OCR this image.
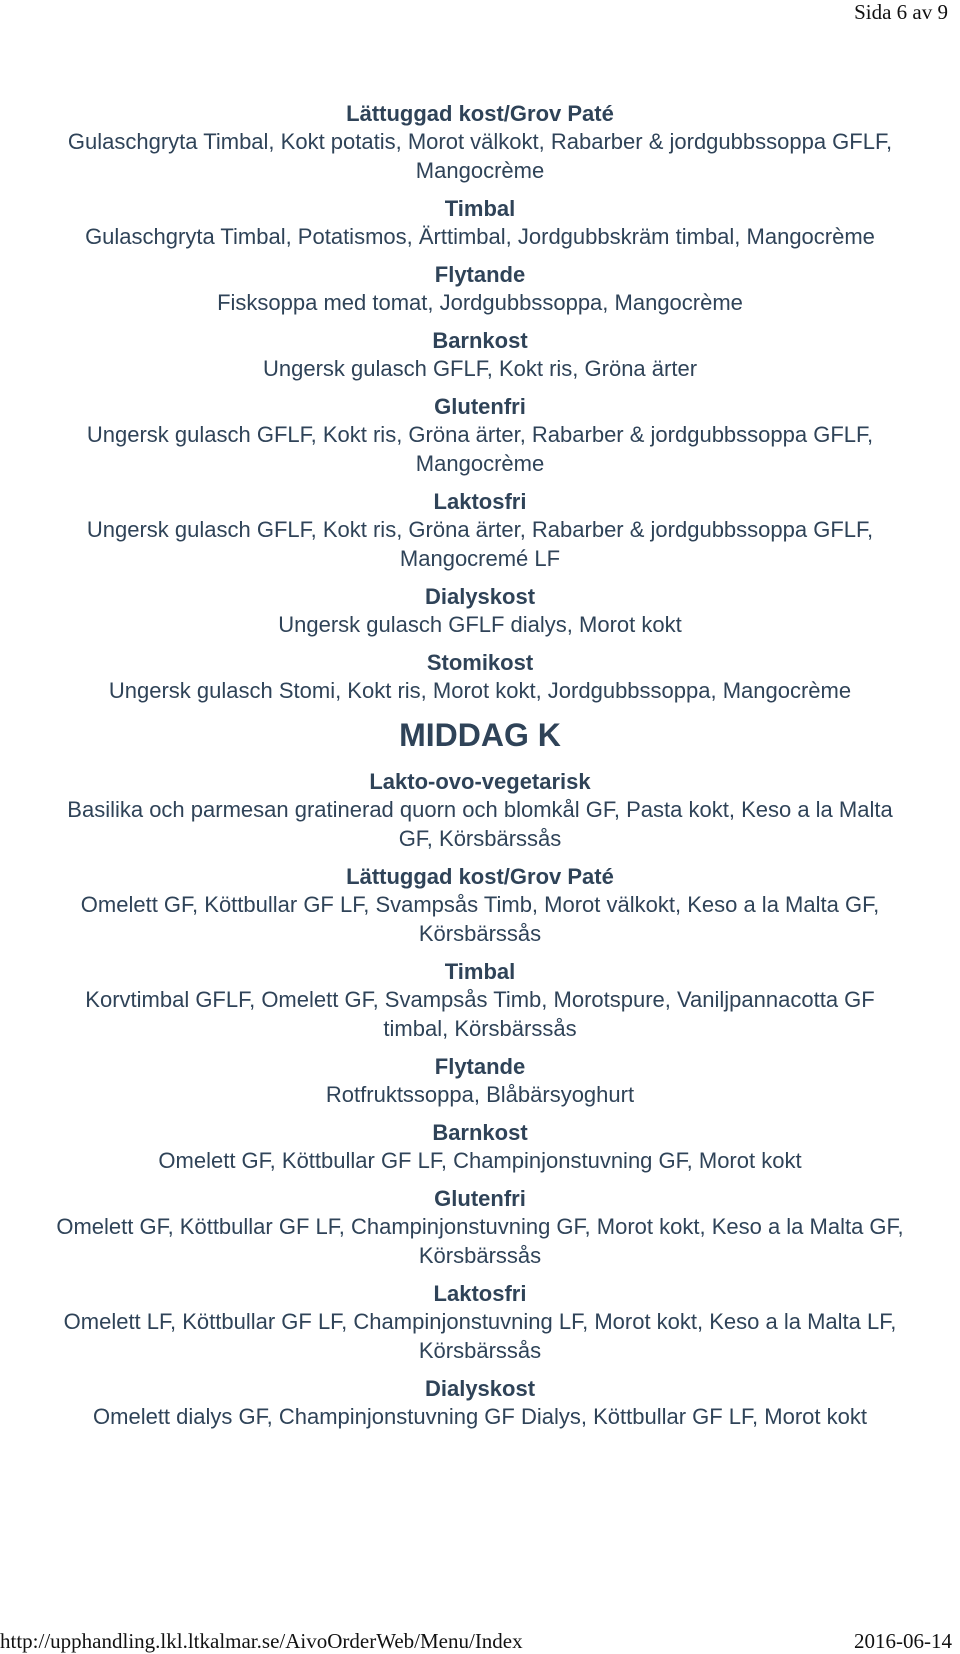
Sida 6 av 9
Lättuggad kost/Grov Paté
Gulaschgryta Timbal, Kokt potatis, Morot välkokt, Rabarber & jordgubbssoppa GFLF, Mangocrème
Timbal
Gulaschgryta Timbal, Potatismos, Ärttimbal, Jordgubbskräm timbal, Mangocrème
Flytande
Fisksoppa med tomat, Jordgubbssoppa, Mangocrème
Barnkost
Ungersk gulasch GFLF, Kokt ris, Gröna ärter
Glutenfri
Ungersk gulasch GFLF, Kokt ris, Gröna ärter, Rabarber & jordgubbssoppa GFLF, Mangocrème
Laktosfri
Ungersk gulasch GFLF, Kokt ris, Gröna ärter, Rabarber & jordgubbssoppa GFLF, Mangocremé LF
Dialyskost
Ungersk gulasch GFLF dialys, Morot kokt
Stomikost
Ungersk gulasch Stomi, Kokt ris, Morot kokt, Jordgubbssoppa, Mangocrème
MIDDAG K
Lakto-ovo-vegetarisk
Basilika och parmesan gratinerad quorn och blomkål GF, Pasta kokt, Keso a la Malta GF, Körsbärssås
Lättuggad kost/Grov Paté
Omelett GF, Köttbullar GF LF, Svampsås Timb, Morot välkokt, Keso a la Malta GF, Körsbärssås
Timbal
Korvtimbal GFLF, Omelett GF, Svampsås Timb, Morotspure, Vaniljpannacotta GF timbal, Körsbärssås
Flytande
Rotfruktssoppa, Blåbärsyoghurt
Barnkost
Omelett GF, Köttbullar GF LF, Champinjonstuvning GF, Morot kokt
Glutenfri
Omelett GF, Köttbullar GF LF, Champinjonstuvning GF, Morot kokt, Keso a la Malta GF, Körsbärssås
Laktosfri
Omelett LF, Köttbullar GF LF, Champinjonstuvning LF, Morot kokt, Keso a la Malta LF, Körsbärssås
Dialyskost
Omelett dialys GF, Champinjonstuvning GF Dialys, Köttbullar GF LF, Morot kokt
http://upphandling.lkl.ltkalmar.se/AivoOrderWeb/Menu/Index	2016-06-14
